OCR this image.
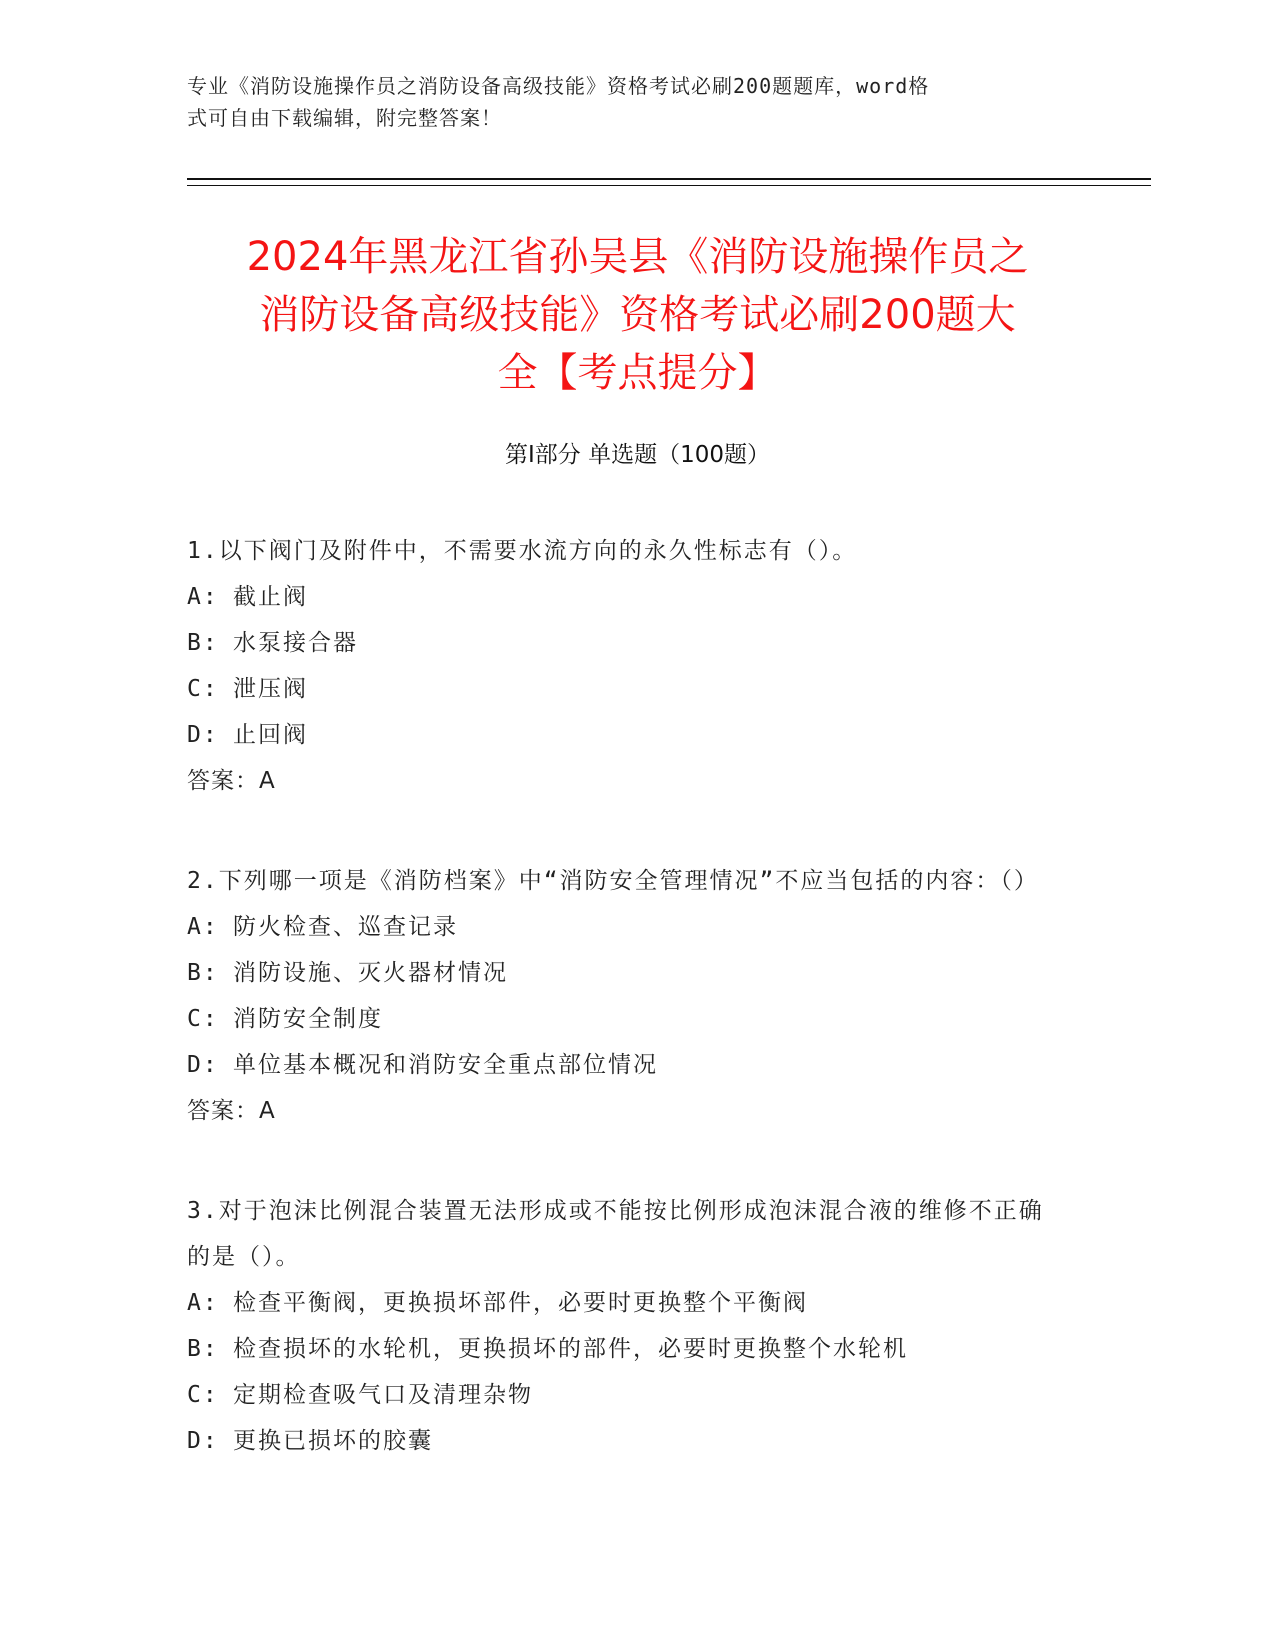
专业《消防设施操作员之消防设备高级技能》资格考试必刷200题题库，word格
式可自由下载编辑，附完整答案！
2024年黑龙江省孙吴县《消防设施操作员之
消防设备高级技能》资格考试必刷200题大
全【考点提分】
第Ⅰ部分 单选题（100题）
1.以下阀门及附件中，不需要水流方向的永久性标志有（）。
A: 截止阀
B: 水泵接合器
C: 泄压阀
D: 止回阀
答案：A
2.下列哪一项是《消防档案》中“消防安全管理情况”不应当包括的内容：（）
A: 防火检查、巡查记录
B: 消防设施、灭火器材情况
C: 消防安全制度
D: 单位基本概况和消防安全重点部位情况
答案：A
3.对于泡沫比例混合装置无法形成或不能按比例形成泡沫混合液的维修不正确的是（）。
A: 检查平衡阀，更换损坏部件，必要时更换整个平衡阀
B: 检查损坏的水轮机，更换损坏的部件，必要时更换整个水轮机
C: 定期检查吸气口及清理杂物
D: 更换已损坏的胶囊
